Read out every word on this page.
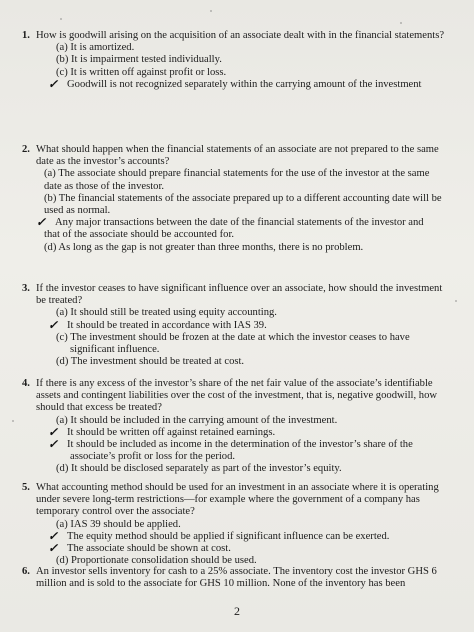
1. How is goodwill arising on the acquisition of an associate dealt with in the financial statements?
(a) It is amortized.
(b) It is impairment tested individually.
(c) It is written off against profit or loss.
✓ Goodwill is not recognized separately within the carrying amount of the investment
2. What should happen when the financial statements of an associate are not prepared to the same date as the investor’s accounts?
(a) The associate should prepare financial statements for the use of the investor at the same
date as those of the investor.
(b) The financial statements of the associate prepared up to a different accounting date will be used as normal.
✓ Any major transactions between the date of the financial statements of the investor and
that of the associate should be accounted for.
(d) As long as the gap is not greater than three months, there is no problem.
3. If the investor ceases to have significant influence over an associate, how should the investment be treated?
(a) It should still be treated using equity accounting.
✓ It should be treated in accordance with IAS 39.
(c) The investment should be frozen at the date at which the investor ceases to have
significant influence.
(d) The investment should be treated at cost.
4. If there is any excess of the investor’s share of the net fair value of the associate’s identifiable assets and contingent liabilities over the cost of the investment, that is, negative goodwill, how should that excess be treated?
(a) It should be included in the carrying amount of the investment.
✓ It should be written off against retained earnings.
✓ It should be included as income in the determination of the investor’s share of the
associate’s profit or loss for the period.
(d) It should be disclosed separately as part of the investor’s equity.
5. What accounting method should be used for an investment in an associate where it is operating under severe long-term restrictions—for example where the government of a company has temporary control over the associate?
(a) IAS 39 should be applied.
✓ The equity method should be applied if significant influence can be exerted.
✓ The associate should be shown at cost.
(d) Proportionate consolidation should be used.
6. An investor sells inventory for cash to a 25% associate. The inventory cost the investor GHS 6 million and is sold to the associate for GHS 10 million. None of the inventory has been
2
